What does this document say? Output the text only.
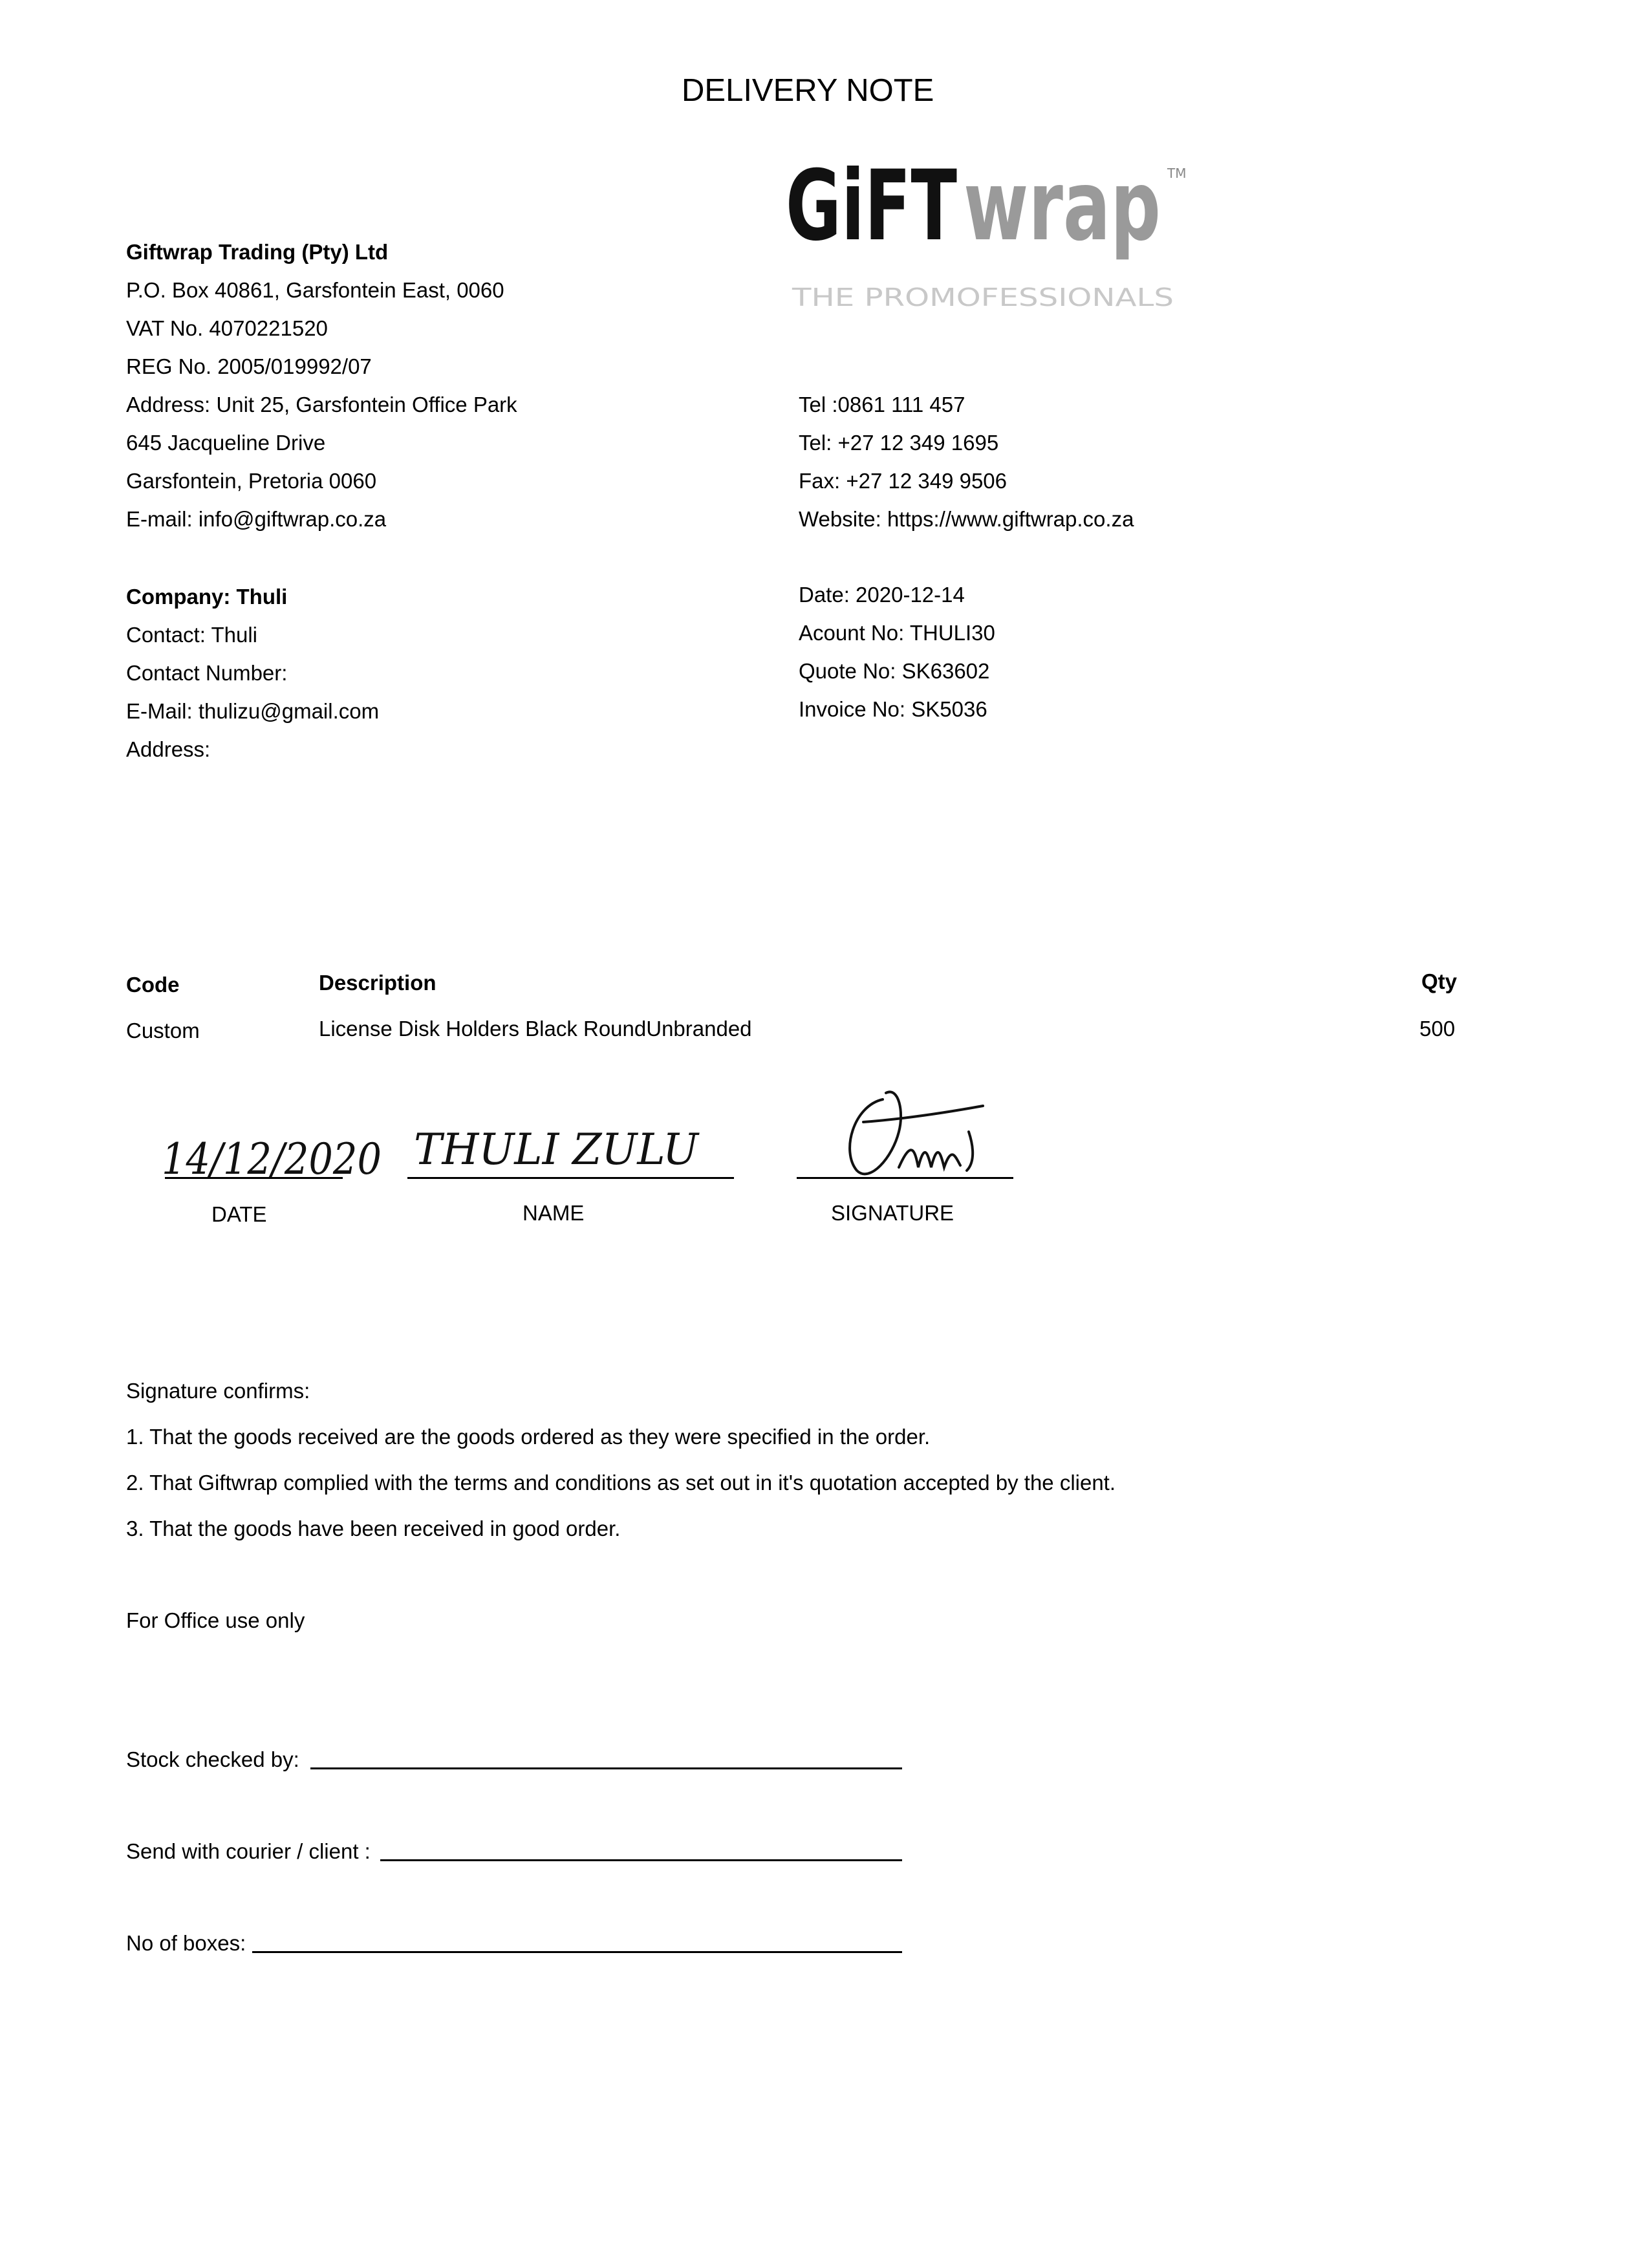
DELIVERY NOTE
GiFT wrap TM
THE PROMOFESSIONALS
Giftwrap Trading (Pty) Ltd
P.O. Box 40861, Garsfontein East, 0060
VAT No. 4070221520
REG No. 2005/019992/07
Address: Unit 25, Garsfontein Office Park
645 Jacqueline Drive
Garsfontein, Pretoria 0060
E-mail: info@giftwrap.co.za
Tel :0861 111 457
Tel: +27 12 349 1695
Fax: +27 12 349 9506
Website: https://www.giftwrap.co.za
Company: Thuli
Contact: Thuli
Contact Number:
E-Mail: thulizu@gmail.com
Address:
Date: 2020-12-14
Acount No: THULI30
Quote No: SK63602
Invoice No: SK5036
Code	Description	Qty
Custom	License Disk Holders Black RoundUnbranded	500
14/12/2020 THULI ZULU
DATE	NAME	SIGNATURE
Signature confirms:
1. That the goods received are the goods ordered as they were specified in the order.
2. That Giftwrap complied with the terms and conditions as set out in it's quotation accepted by the client.
3. That the goods have been received in good order.
For Office use only
Stock checked by:
Send with courier / client :
No of boxes:
